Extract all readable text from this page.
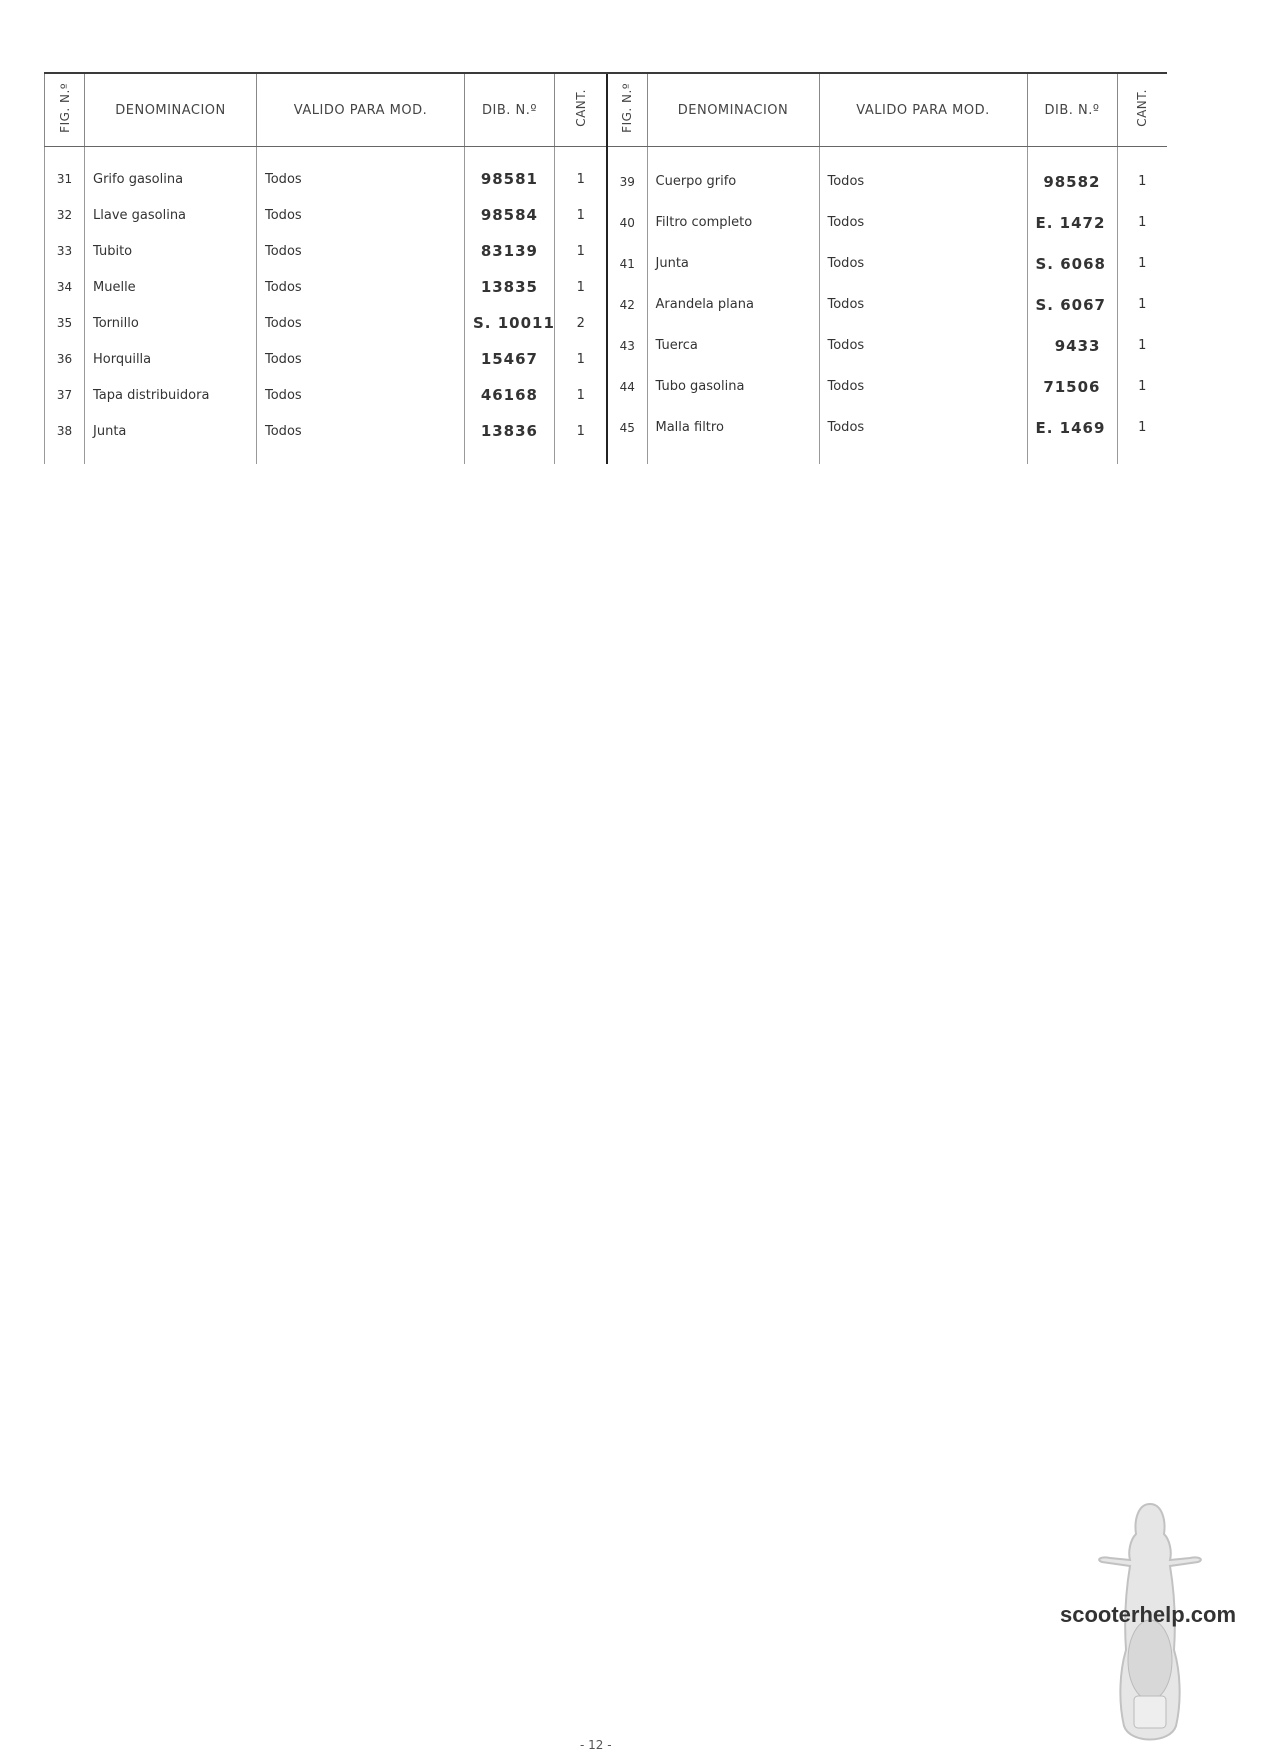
FIG. N.º	DENOMINACION	VALIDO PARA MOD.	DIB. N.º	CANT.

31	Grifo gasolina	Todos	98581	1
32	Llave gasolina	Todos	98584	1
33	Tubito	Todos	83139	1
34	Muelle	Todos	13835	1
35	Tornillo	Todos	S. 10011	2
36	Horquilla	Todos	15467	1
37	Tapa distribuidora	Todos	46168	1
38	Junta	Todos	13836	1

FIG. N.º	DENOMINACION	VALIDO PARA MOD.	DIB. N.º	CANT.

39	Cuerpo grifo	Todos	98582	1
40	Filtro completo	Todos	E. 1472	1
41	Junta	Todos	S. 6068	1
42	Arandela plana	Todos	S. 6067	1
43	Tuerca	Todos	9433	1
44	Tubo gasolina	Todos	71506	1
45	Malla filtro	Todos	E. 1469	1

scooterhelp.com
- 12 -
